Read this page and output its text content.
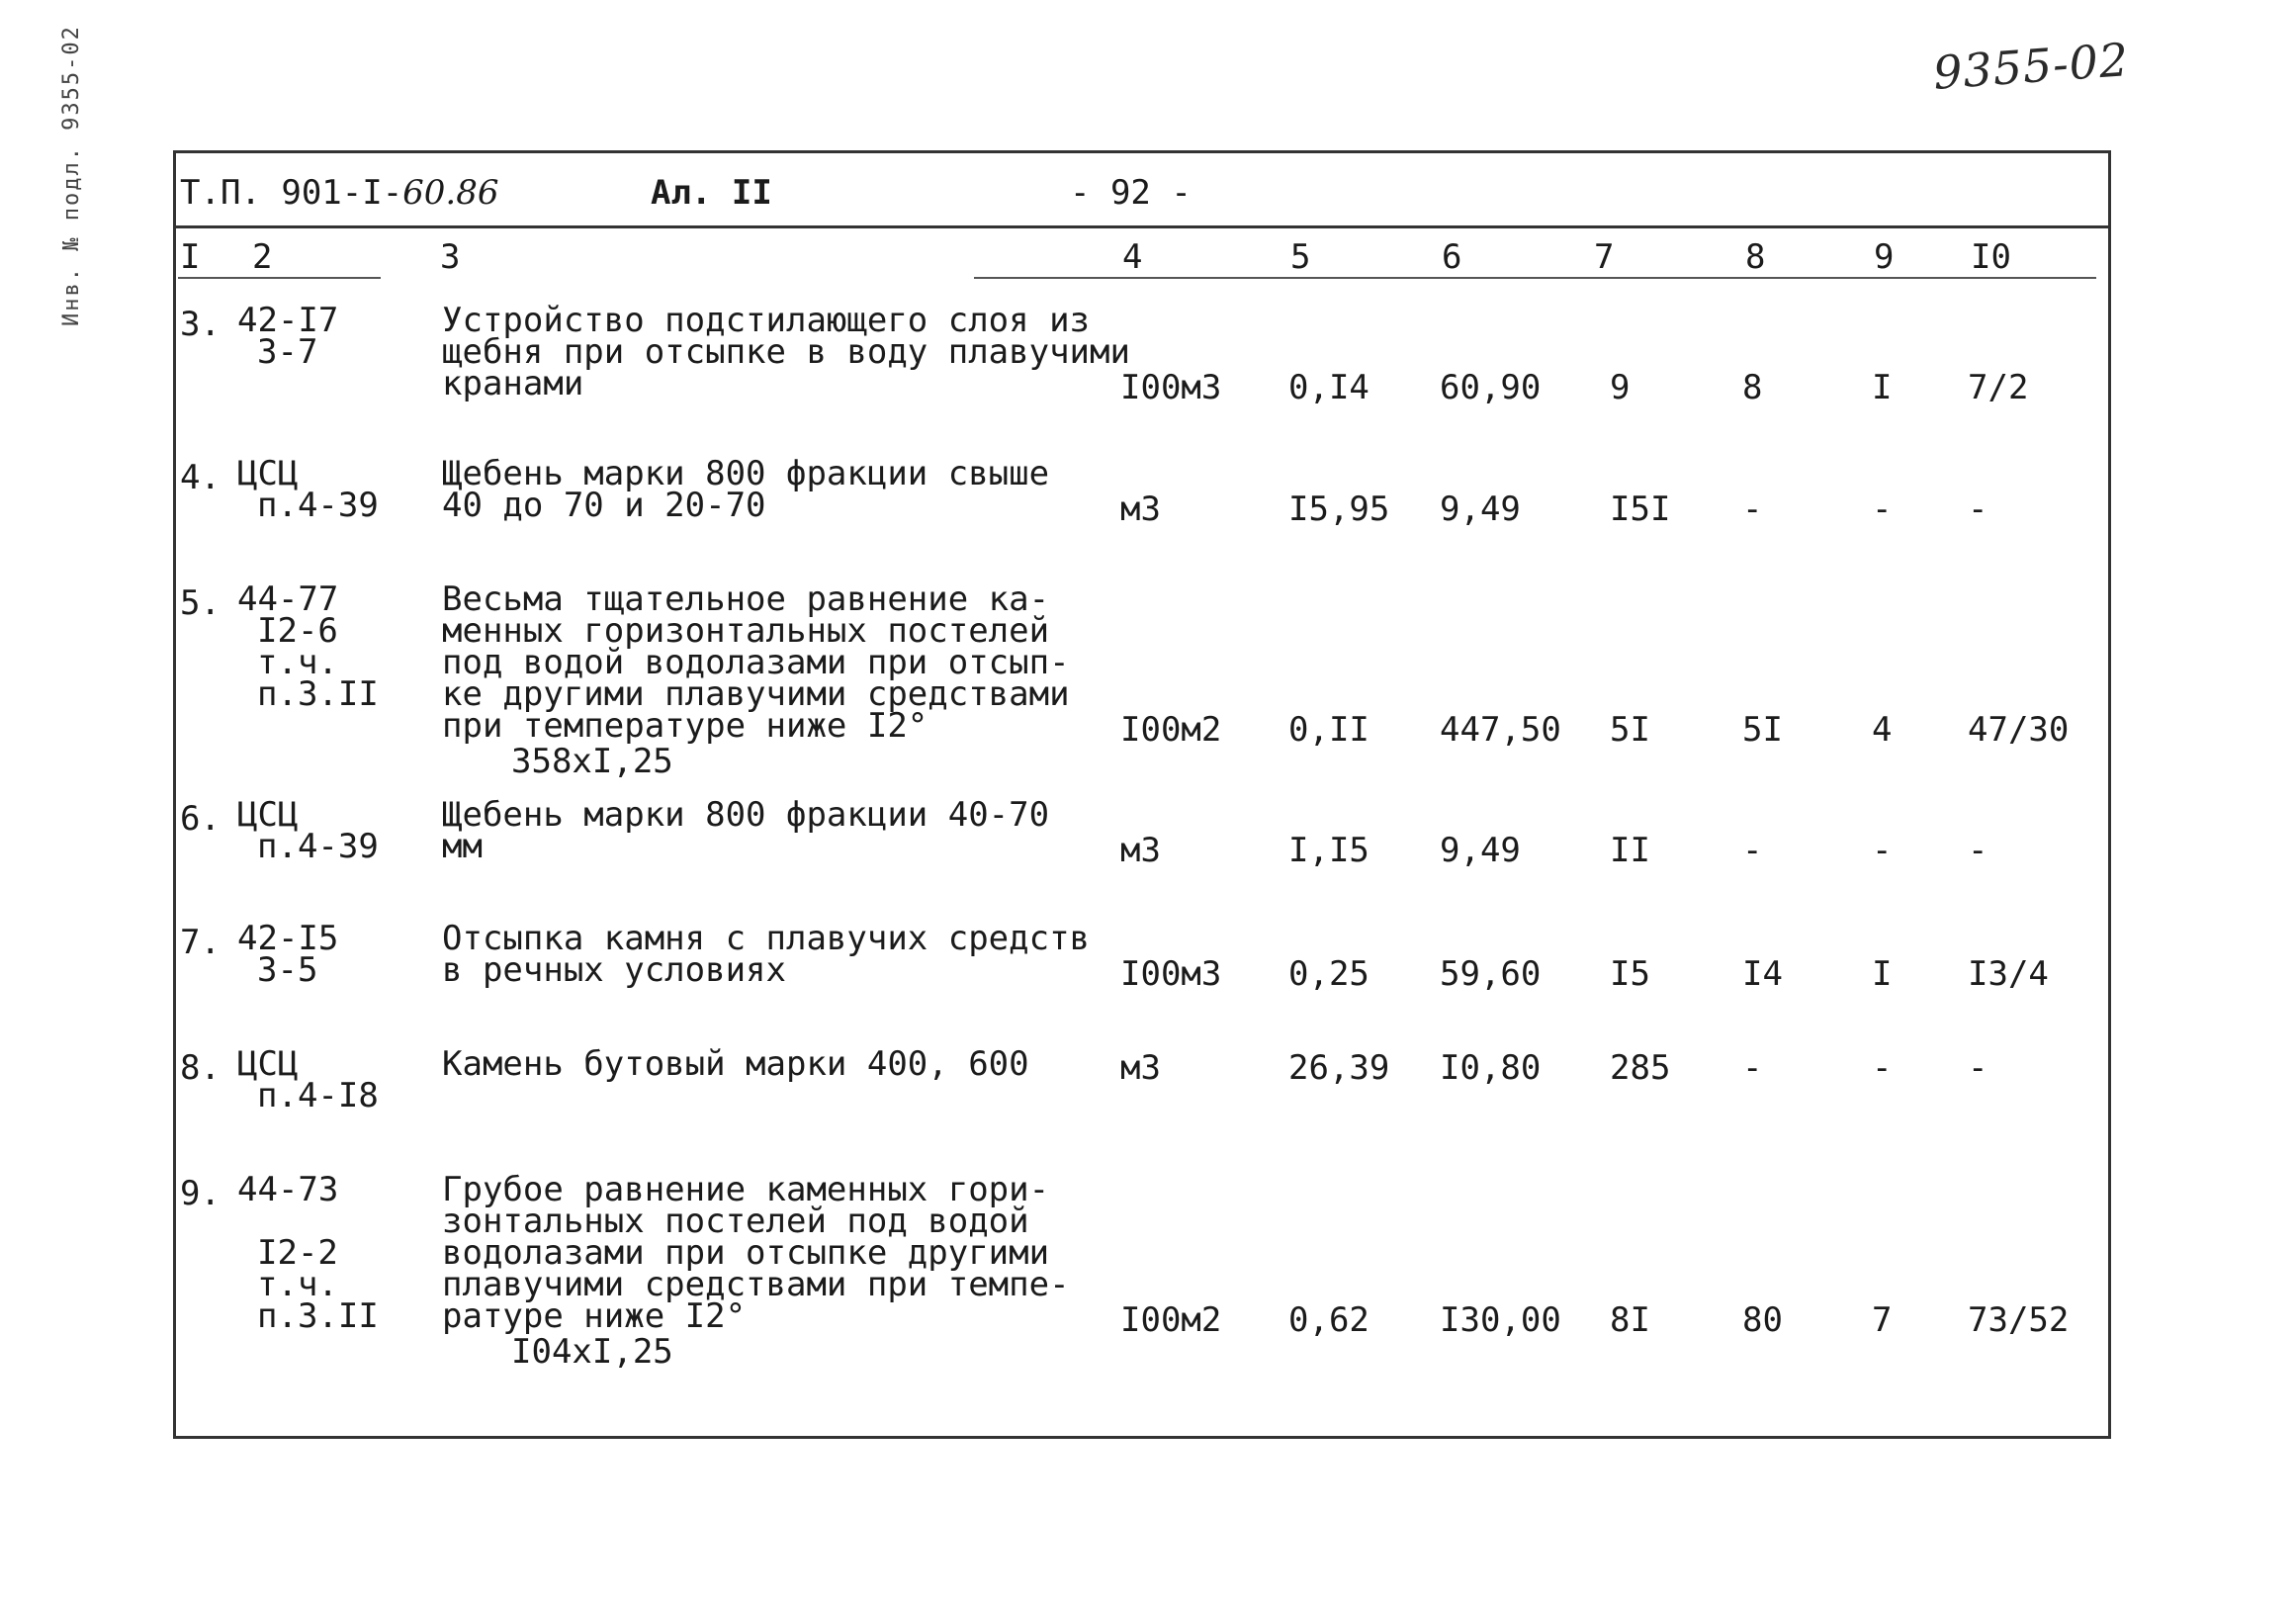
9355-02
Инв. № подл. 9355-02	Т.П. 901-I-60.86	Ал. II	- 92 -
I 2	3	4	5	6	7	8	9 I0
3. 42-I7
3-7
Устройство подстилающего слоя из
щебня при отсыпке в воду плавучими
кранами	I00м3 0,I4 60,90 9	8	I 7/2
4. ЦСЦ
п.4-39
Щебень марки 800 фракции свыше
40 до 70 и 20-70	м3	I5,95 9,49	I5I -	- -
5. 44-77
I2-6
т.ч.
п.3.II
Весьма тщательное равнение ка-
менных горизонтальных постелей
под водой водолазами при отсып-
ке другими плавучими средствами
при температуре ниже I2°
358хI,25
I00м2 0,II 447,50 5I	5I	4 47/30
6. ЦСЦ
п.4-39
Щебень марки 800 фракции 40-70
мм	м3	I,I5 9,49	II	-	- -
7. 42-I5
3-5
Отсыпка камня с плавучих средств
в речных условиях	I00м3 0,25 59,60 I5	I4	I I3/4
8. ЦСЦ
п.4-I8
Камень бутовый марки 400, 600	м3	26,39 I0,80 285 -	- -
9. 44-73
I2-2
т.ч.
п.3.II
Грубое равнение каменных гори-
зонтальных постелей под водой
водолазами при отсыпке другими
плавучими средствами при темпе-
ратуре ниже I2°
I04хI,25
I00м2 0,62 I30,00 8I	80	7 73/52
